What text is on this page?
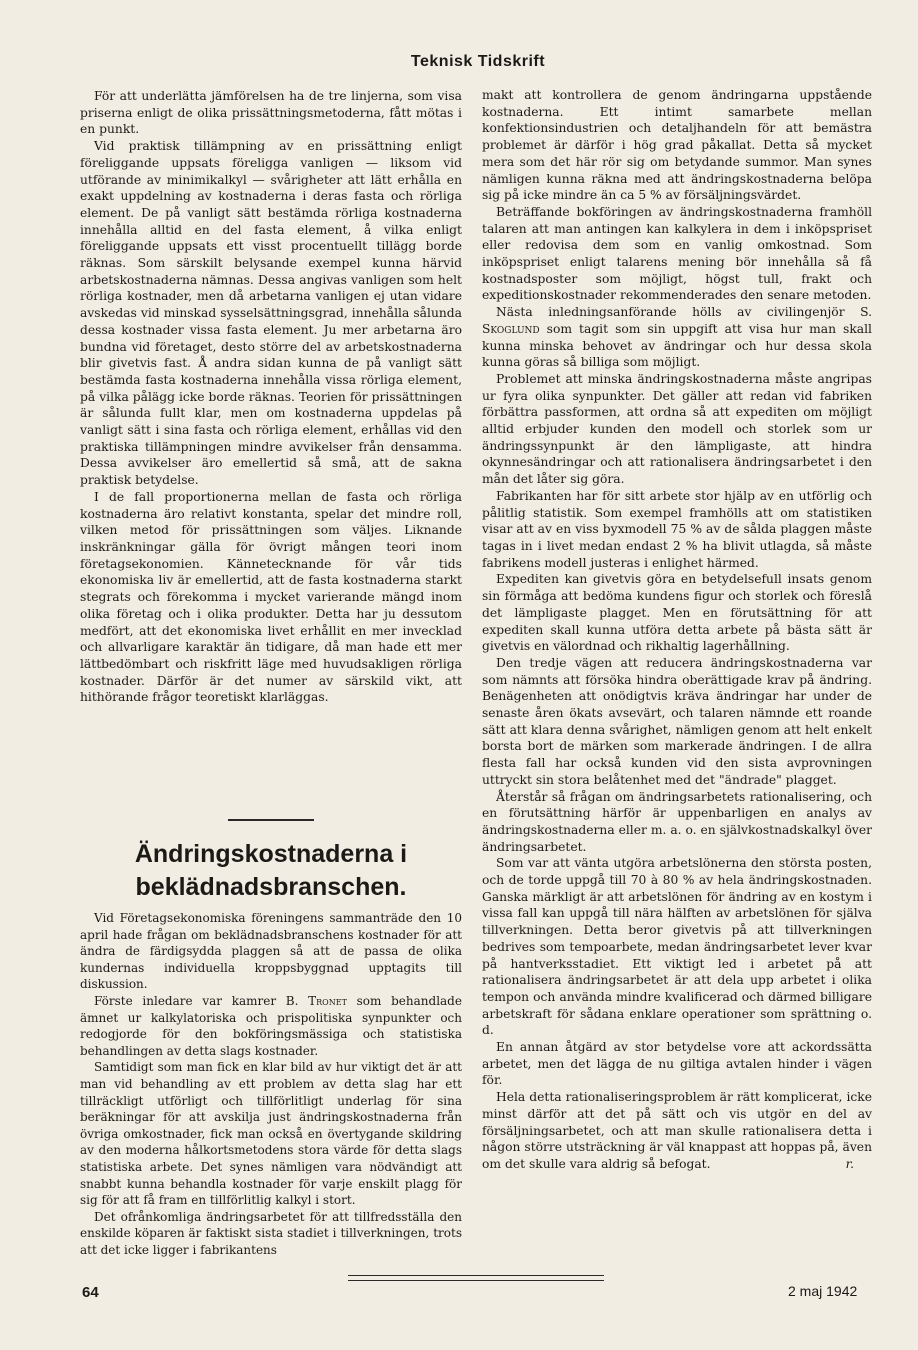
Teknisk Tidskrift

För att underlätta jämförelsen ha de tre linjerna, som visa priserna enligt de olika prissättningsmetoderna, fått mötas i en punkt.

Vid praktisk tillämpning av en prissättning enligt föreliggande uppsats föreligga vanligen — liksom vid utförande av minimikalkyl — svårigheter att lätt erhålla en exakt uppdelning av kostnaderna i deras fasta och rörliga element. De på vanligt sätt bestämda rörliga kostnaderna innehålla alltid en del fasta element, å vilka enligt föreliggande uppsats ett visst procentuellt tillägg borde räknas. Som särskilt belysande exempel kunna härvid arbetskostnaderna nämnas. Dessa angivas vanligen som helt rörliga kostnader, men då arbetarna vanligen ej utan vidare avskedas vid minskad sysselsättningsgrad, innehålla sålunda dessa kostnader vissa fasta element. Ju mer arbetarna äro bundna vid företaget, desto större del av arbetskostnaderna blir givetvis fast. Å andra sidan kunna de på vanligt sätt bestämda fasta kostnaderna innehålla vissa rörliga element, på vilka pålägg icke borde räknas. Teorien för prissättningen är sålunda fullt klar, men om kostnaderna uppdelas på vanligt sätt i sina fasta och rörliga element, erhållas vid den praktiska tillämpningen mindre avvikelser från densamma. Dessa avvikelser äro emellertid så små, att de sakna praktisk betydelse.

I de fall proportionerna mellan de fasta och rörliga kostnaderna äro relativt konstanta, spelar det mindre roll, vilken metod för prissättningen som väljes. Liknande inskränkningar gälla för övrigt mången teori inom företagsekonomien. Kännetecknande för vår tids ekonomiska liv är emellertid, att de fasta kostnaderna starkt stegrats och förekomma i mycket varierande mängd inom olika företag och i olika produkter. Detta har ju dessutom medfört, att det ekonomiska livet erhållit en mer invecklad och allvarligare karaktär än tidigare, då man hade ett mer lättbedömbart och riskfritt läge med huvudsakligen rörliga kostnader. Därför är det numer av särskild vikt, att hithörande frågor teoretiskt klarläggas.

Ändringskostnaderna i beklädnadsbranschen.

Vid Företagsekonomiska föreningens sammanträde den 10 april hade frågan om beklädnadsbranschens kostnader för att ändra de färdigsydda plaggen så att de passa de olika kundernas individuella kroppsbyggnad upptagits till diskussion.

Förste inledare var kamrer B. Tronet som behandlade ämnet ur kalkylatoriska och prispolitiska synpunkter och redogjorde för den bokföringsmässiga och statistiska behandlingen av detta slags kostnader.

Samtidigt som man fick en klar bild av hur viktigt det är att man vid behandling av ett problem av detta slag har ett tillräckligt utförligt och tillförlitligt underlag för sina beräkningar för att avskilja just ändringskostnaderna från övriga omkostnader, fick man också en övertygande skildring av den moderna hålkortsmetodens stora värde för detta slags statistiska arbete. Det synes nämligen vara nödvändigt att snabbt kunna behandla kostnader för varje enskilt plagg för sig för att få fram en tillförlitlig kalkyl i stort.

Det ofrånkomliga ändringsarbetet för att tillfredsställa den enskilde köparen är faktiskt sista stadiet i tillverkningen, trots att det icke ligger i fabrikantens

makt att kontrollera de genom ändringarna uppstående kostnaderna. Ett intimt samarbete mellan konfektionsindustrien och detaljhandeln för att bemästra problemet är därför i hög grad påkallat. Detta så mycket mera som det här rör sig om betydande summor. Man synes nämligen kunna räkna med att ändringskostnaderna belöpa sig på icke mindre än ca 5 % av försäljningsvärdet.

Beträffande bokföringen av ändringskostnaderna framhöll talaren att man antingen kan kalkylera in dem i inköpspriset eller redovisa dem som en vanlig omkostnad. Som inköpspriset enligt talarens mening bör innehålla så få kostnadsposter som möjligt, högst tull, frakt och expeditionskostnader rekommenderades den senare metoden.

Nästa inledningsanförande hölls av civilingenjör S. Skoglund som tagit som sin uppgift att visa hur man skall kunna minska behovet av ändringar och hur dessa skola kunna göras så billiga som möjligt.

Problemet att minska ändringskostnaderna måste angripas ur fyra olika synpunkter. Det gäller att redan vid fabriken förbättra passformen, att ordna så att expediten om möjligt alltid erbjuder kunden den modell och storlek som ur ändringssynpunkt är den lämpligaste, att hindra okynnesändringar och att rationalisera ändringsarbetet i den mån det låter sig göra.

Fabrikanten har för sitt arbete stor hjälp av en utförlig och pålitlig statistik. Som exempel framhölls att om statistiken visar att av en viss byxmodell 75 % av de sålda plaggen måste tagas in i livet medan endast 2 % ha blivit utlagda, så måste fabrikens modell justeras i enlighet härmed.

Expediten kan givetvis göra en betydelsefull insats genom sin förmåga att bedöma kundens figur och storlek och föreslå det lämpligaste plagget. Men en förutsättning för att expediten skall kunna utföra detta arbete på bästa sätt är givetvis en välordnad och rikhaltig lagerhållning.

Den tredje vägen att reducera ändringskostnaderna var som nämnts att försöka hindra oberättigade krav på ändring. Benägenheten att onödigtvis kräva ändringar har under de senaste åren ökats avsevärt, och talaren nämnde ett roande sätt att klara denna svårighet, nämligen genom att helt enkelt borsta bort de märken som markerade ändringen. I de allra flesta fall har också kunden vid den sista avprovningen uttryckt sin stora belåtenhet med det "ändrade" plagget.

Återstår så frågan om ändringsarbetets rationalisering, och en förutsättning härför är uppenbarligen en analys av ändringskostnaderna eller m. a. o. en självkostnadskalkyl över ändringsarbetet.

Som var att vänta utgöra arbetslönerna den största posten, och de torde uppgå till 70 à 80 % av hela ändringskostnaden. Ganska märkligt är att arbetslönen för ändring av en kostym i vissa fall kan uppgå till nära hälften av arbetslönen för själva tillverkningen. Detta beror givetvis på att tillverkningen bedrives som tempoarbete, medan ändringsarbetet lever kvar på hantverksstadiet. Ett viktigt led i arbetet på att rationalisera ändringsarbetet är att dela upp arbetet i olika tempon och använda mindre kvalificerad och därmed billigare arbetskraft för sådana enklare operationer som sprättning o. d.

En annan åtgärd av stor betydelse vore att ackordssätta arbetet, men det lägga de nu giltiga avtalen hinder i vägen för.

Hela detta rationaliseringsproblem är rätt komplicerat, icke minst därför att det på sätt och vis utgör en del av försäljningsarbetet, och att man skulle rationalisera detta i någon större utsträckning är väl knappast att hoppas på, även om det skulle vara aldrig så befogat.	r.

64	2 maj 1942
